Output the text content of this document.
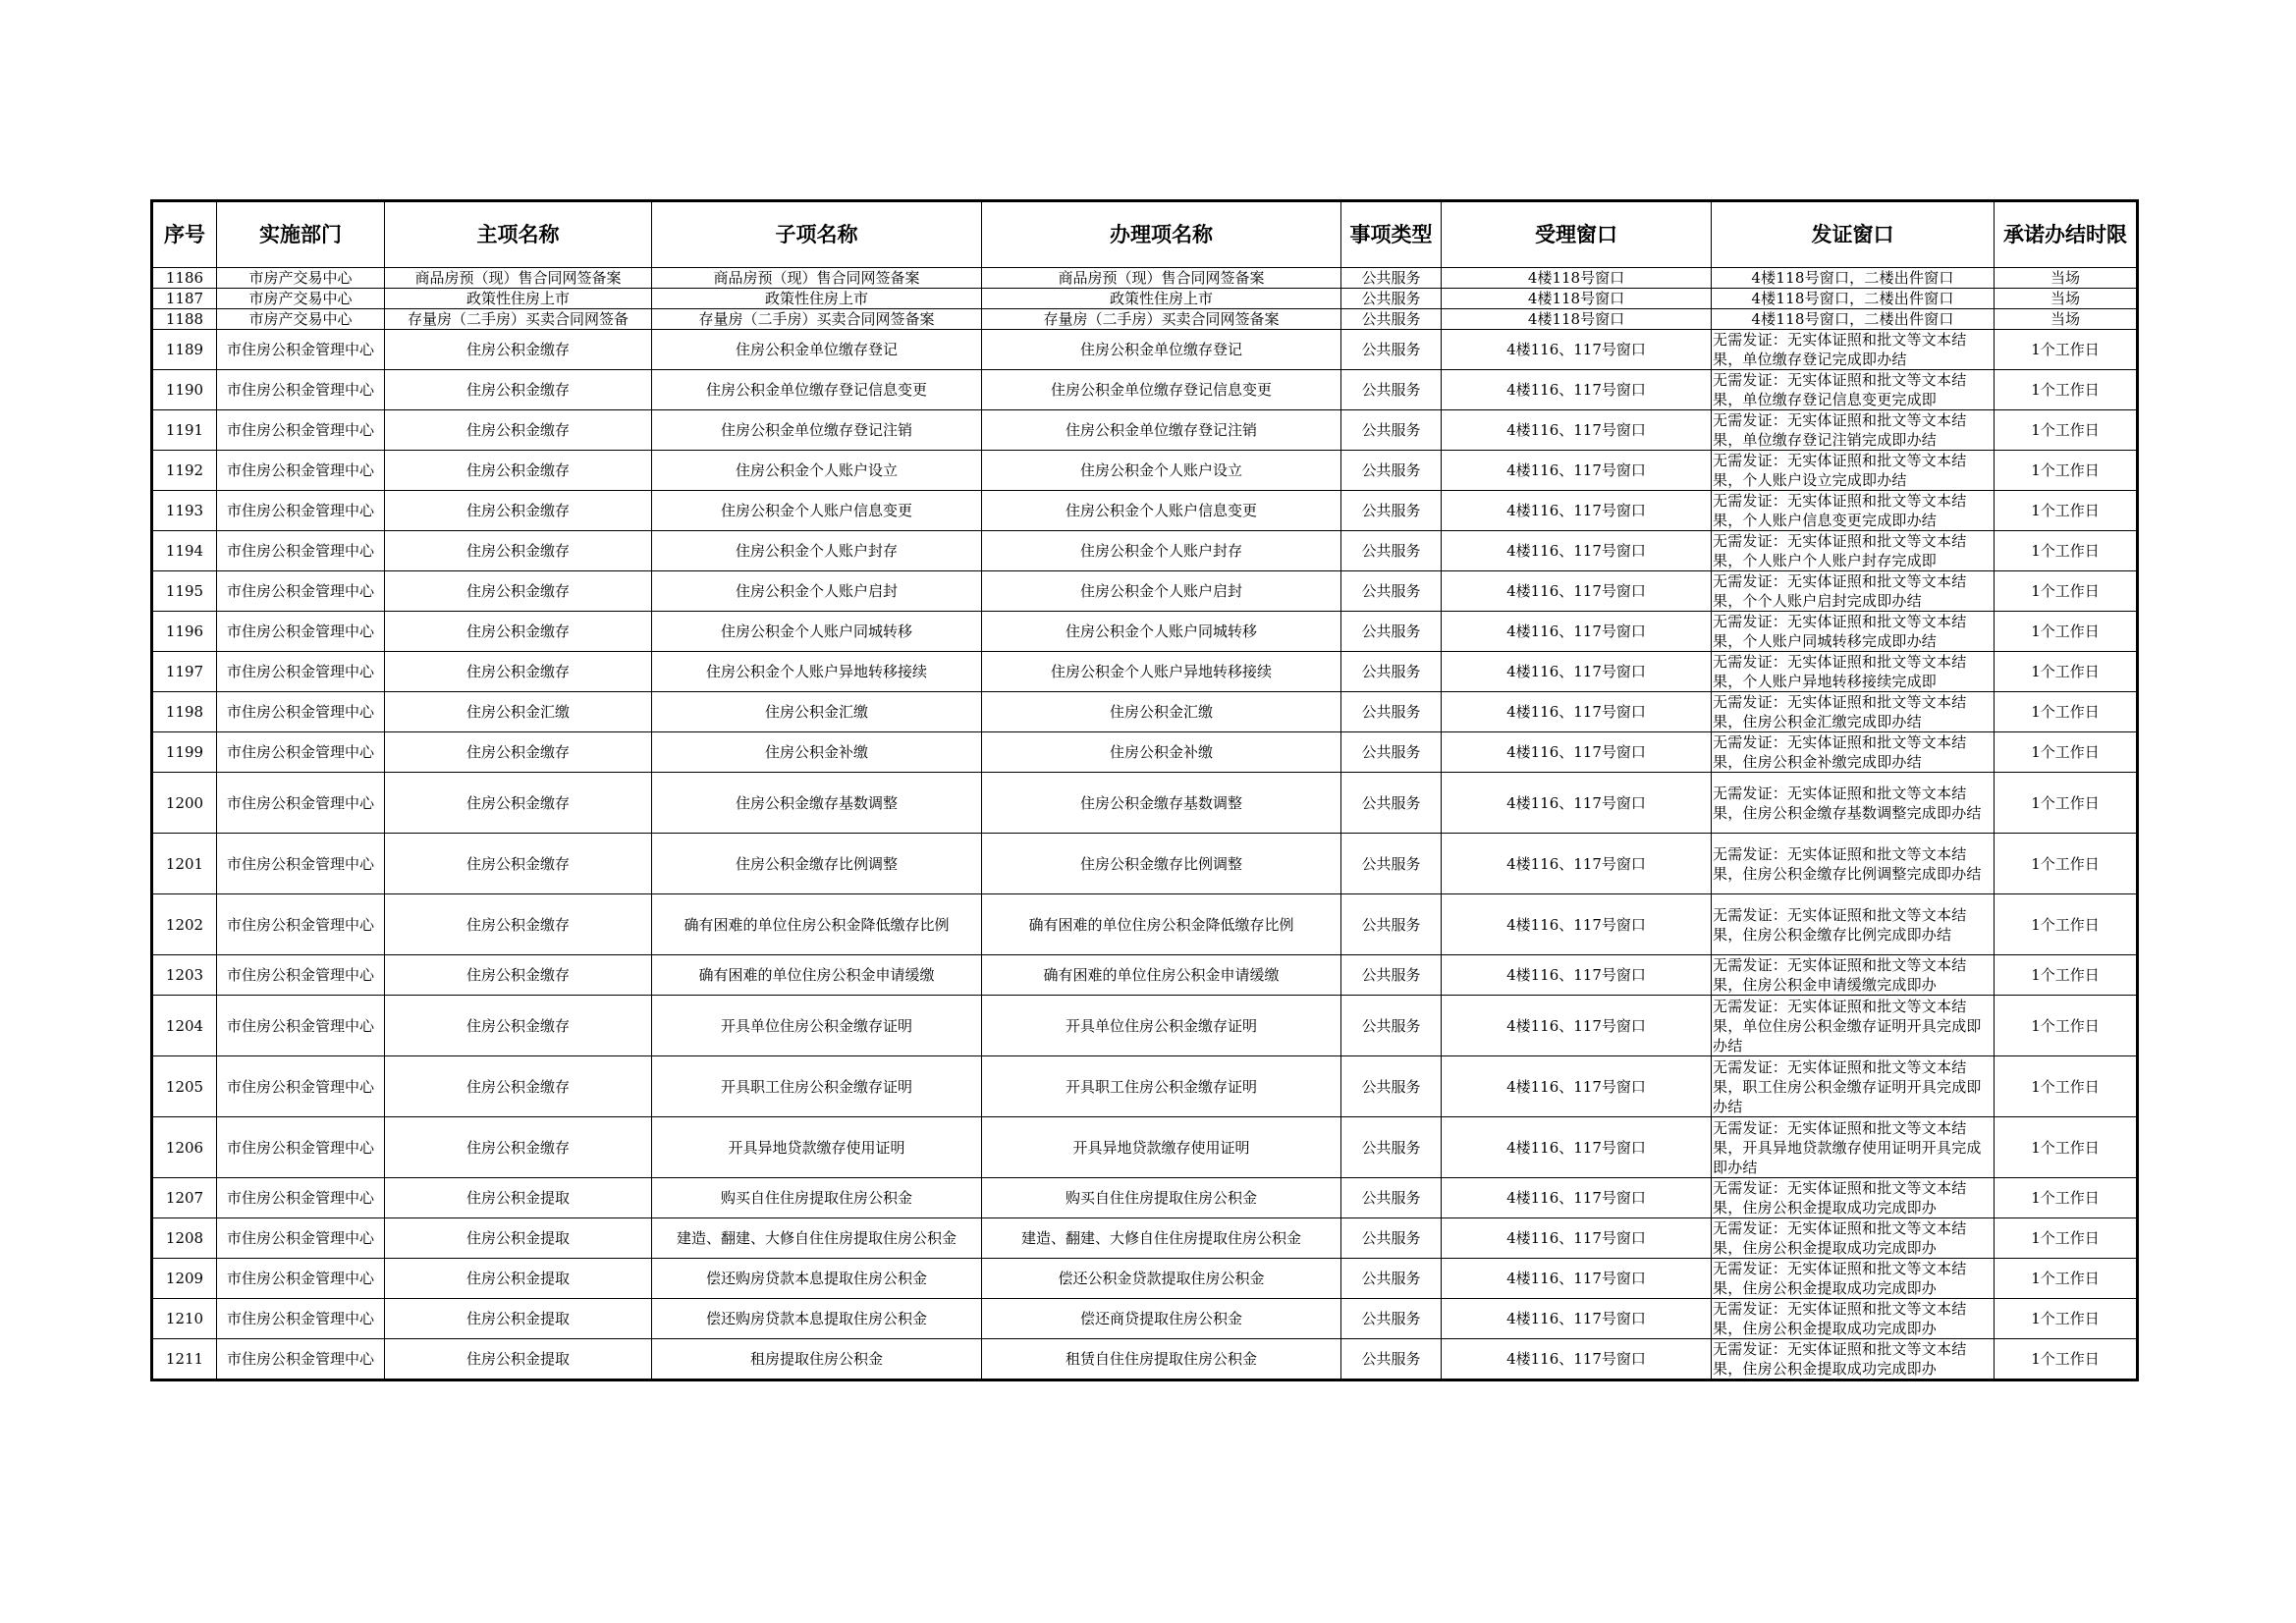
序号	实施部门	主项名称	子项名称	办理项名称	事项类型	受理窗口	发证窗口	承诺办结时限
1186	市房产交易中心	商品房预（现）售合同网签备案	商品房预（现）售合同网签备案	商品房预（现）售合同网签备案	公共服务	4楼118号窗口	4楼118号窗口，二楼出件窗口	当场
1187	市房产交易中心	政策性住房上市	政策性住房上市	政策性住房上市	公共服务	4楼118号窗口	4楼118号窗口，二楼出件窗口	当场
1188	市房产交易中心	存量房（二手房）买卖合同网签备	存量房（二手房）买卖合同网签备案	存量房（二手房）买卖合同网签备案	公共服务	4楼118号窗口	4楼118号窗口，二楼出件窗口	当场
1189	市住房公积金管理中心	住房公积金缴存	住房公积金单位缴存登记	住房公积金单位缴存登记	公共服务	4楼116、117号窗口	无需发证：无实体证照和批文等文本结果，单位缴存登记完成即办结	1个工作日
1190	市住房公积金管理中心	住房公积金缴存	住房公积金单位缴存登记信息变更	住房公积金单位缴存登记信息变更	公共服务	4楼116、117号窗口	无需发证：无实体证照和批文等文本结果，单位缴存登记信息变更完成即	1个工作日
1191	市住房公积金管理中心	住房公积金缴存	住房公积金单位缴存登记注销	住房公积金单位缴存登记注销	公共服务	4楼116、117号窗口	无需发证：无实体证照和批文等文本结果，单位缴存登记注销完成即办结	1个工作日
1192	市住房公积金管理中心	住房公积金缴存	住房公积金个人账户设立	住房公积金个人账户设立	公共服务	4楼116、117号窗口	无需发证：无实体证照和批文等文本结果，个人账户设立完成即办结	1个工作日
1193	市住房公积金管理中心	住房公积金缴存	住房公积金个人账户信息变更	住房公积金个人账户信息变更	公共服务	4楼116、117号窗口	无需发证：无实体证照和批文等文本结果，个人账户信息变更完成即办结	1个工作日
1194	市住房公积金管理中心	住房公积金缴存	住房公积金个人账户封存	住房公积金个人账户封存	公共服务	4楼116、117号窗口	无需发证：无实体证照和批文等文本结果，个人账户个人账户封存完成即	1个工作日
1195	市住房公积金管理中心	住房公积金缴存	住房公积金个人账户启封	住房公积金个人账户启封	公共服务	4楼116、117号窗口	无需发证：无实体证照和批文等文本结果，个个人账户启封完成即办结	1个工作日
1196	市住房公积金管理中心	住房公积金缴存	住房公积金个人账户同城转移	住房公积金个人账户同城转移	公共服务	4楼116、117号窗口	无需发证：无实体证照和批文等文本结果，个人账户同城转移完成即办结	1个工作日
1197	市住房公积金管理中心	住房公积金缴存	住房公积金个人账户异地转移接续	住房公积金个人账户异地转移接续	公共服务	4楼116、117号窗口	无需发证：无实体证照和批文等文本结果，个人账户异地转移接续完成即	1个工作日
1198	市住房公积金管理中心	住房公积金汇缴	住房公积金汇缴	住房公积金汇缴	公共服务	4楼116、117号窗口	无需发证：无实体证照和批文等文本结果，住房公积金汇缴完成即办结	1个工作日
1199	市住房公积金管理中心	住房公积金缴存	住房公积金补缴	住房公积金补缴	公共服务	4楼116、117号窗口	无需发证：无实体证照和批文等文本结果，住房公积金补缴完成即办结	1个工作日
1200	市住房公积金管理中心	住房公积金缴存	住房公积金缴存基数调整	住房公积金缴存基数调整	公共服务	4楼116、117号窗口	无需发证：无实体证照和批文等文本结果，住房公积金缴存基数调整完成即办结	1个工作日
1201	市住房公积金管理中心	住房公积金缴存	住房公积金缴存比例调整	住房公积金缴存比例调整	公共服务	4楼116、117号窗口	无需发证：无实体证照和批文等文本结果，住房公积金缴存比例调整完成即办结	1个工作日
1202	市住房公积金管理中心	住房公积金缴存	确有困难的单位住房公积金降低缴存比例	确有困难的单位住房公积金降低缴存比例	公共服务	4楼116、117号窗口	无需发证：无实体证照和批文等文本结果，住房公积金缴存比例完成即办结	1个工作日
1203	市住房公积金管理中心	住房公积金缴存	确有困难的单位住房公积金申请缓缴	确有困难的单位住房公积金申请缓缴	公共服务	4楼116、117号窗口	无需发证：无实体证照和批文等文本结果，住房公积金申请缓缴完成即办	1个工作日
1204	市住房公积金管理中心	住房公积金缴存	开具单位住房公积金缴存证明	开具单位住房公积金缴存证明	公共服务	4楼116、117号窗口	无需发证：无实体证照和批文等文本结果，单位住房公积金缴存证明开具完成即办结	1个工作日
1205	市住房公积金管理中心	住房公积金缴存	开具职工住房公积金缴存证明	开具职工住房公积金缴存证明	公共服务	4楼116、117号窗口	无需发证：无实体证照和批文等文本结果，职工住房公积金缴存证明开具完成即办结	1个工作日
1206	市住房公积金管理中心	住房公积金缴存	开具异地贷款缴存使用证明	开具异地贷款缴存使用证明	公共服务	4楼116、117号窗口	无需发证：无实体证照和批文等文本结果，开具异地贷款缴存使用证明开具完成即办结	1个工作日
1207	市住房公积金管理中心	住房公积金提取	购买自住住房提取住房公积金	购买自住住房提取住房公积金	公共服务	4楼116、117号窗口	无需发证：无实体证照和批文等文本结果，住房公积金提取成功完成即办	1个工作日
1208	市住房公积金管理中心	住房公积金提取	建造、翻建、大修自住住房提取住房公积金	建造、翻建、大修自住住房提取住房公积金	公共服务	4楼116、117号窗口	无需发证：无实体证照和批文等文本结果，住房公积金提取成功完成即办	1个工作日
1209	市住房公积金管理中心	住房公积金提取	偿还购房贷款本息提取住房公积金	偿还公积金贷款提取住房公积金	公共服务	4楼116、117号窗口	无需发证：无实体证照和批文等文本结果，住房公积金提取成功完成即办	1个工作日
1210	市住房公积金管理中心	住房公积金提取	偿还购房贷款本息提取住房公积金	偿还商贷提取住房公积金	公共服务	4楼116、117号窗口	无需发证：无实体证照和批文等文本结果，住房公积金提取成功完成即办	1个工作日
1211	市住房公积金管理中心	住房公积金提取	租房提取住房公积金	租赁自住住房提取住房公积金	公共服务	4楼116、117号窗口	无需发证：无实体证照和批文等文本结果，住房公积金提取成功完成即办	1个工作日
